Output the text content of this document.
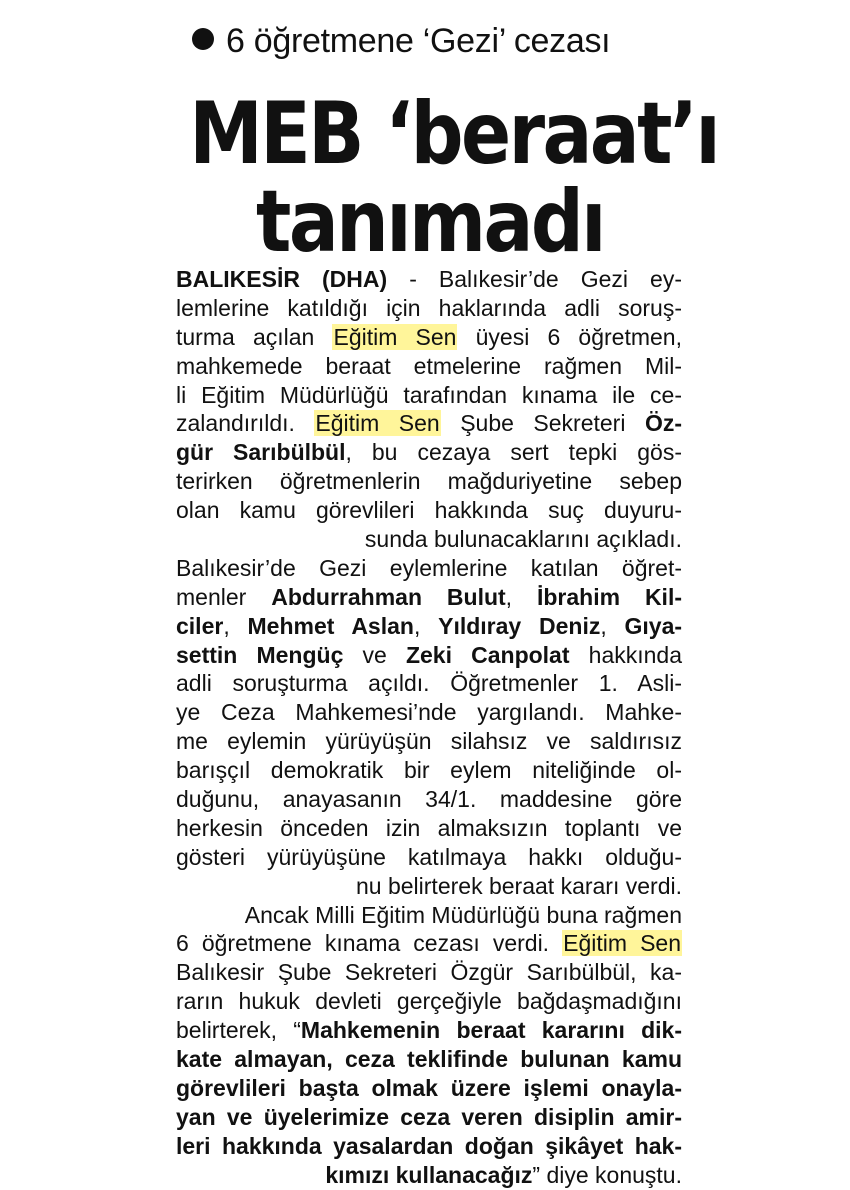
6 öğretmene ‘Gezi’ cezası
MEB ‘beraat’ı
tanımadı
BALIKESİR (DHA) - Balıkesir’de Gezi ey-
lemlerine katıldığı için haklarında adli soruş-
turma açılan Eğitim Sen üyesi 6 öğretmen,
mahkemede beraat etmelerine rağmen Mil-
li Eğitim Müdürlüğü tarafından kınama ile ce-
zalandırıldı. Eğitim Sen Şube Sekreteri Öz-
gür Sarıbülbül, bu cezaya sert tepki gös-
terirken öğretmenlerin mağduriyetine sebep
olan kamu görevlileri hakkında suç duyuru-
sunda bulunacaklarını açıkladı.
Balıkesir’de Gezi eylemlerine katılan öğret-
menler Abdurrahman Bulut, İbrahim Kil-
ciler, Mehmet Aslan, Yıldıray Deniz, Gıya-
settin Mengüç ve Zeki Canpolat hakkında
adli soruşturma açıldı. Öğretmenler 1. Asli-
ye Ceza Mahkemesi’nde yargılandı. Mahke-
me eylemin yürüyüşün silahsız ve saldırısız
barışçıl demokratik bir eylem niteliğinde ol-
duğunu, anayasanın 34/1. maddesine göre
herkesin önceden izin almaksızın toplantı ve
gösteri yürüyüşüne katılmaya hakkı olduğu-
nu belirterek beraat kararı verdi.
Ancak Milli Eğitim Müdürlüğü buna rağmen
6 öğretmene kınama cezası verdi. Eğitim Sen
Balıkesir Şube Sekreteri Özgür Sarıbülbül, ka-
rarın hukuk devleti gerçeğiyle bağdaşmadığını
belirterek, “Mahkemenin beraat kararını dik-
kate almayan, ceza teklifinde bulunan kamu
görevlileri başta olmak üzere işlemi onayla-
yan ve üyelerimize ceza veren disiplin amir-
leri hakkında yasalardan doğan şikâyet hak-
kımızı kullanacağız” diye konuştu.
